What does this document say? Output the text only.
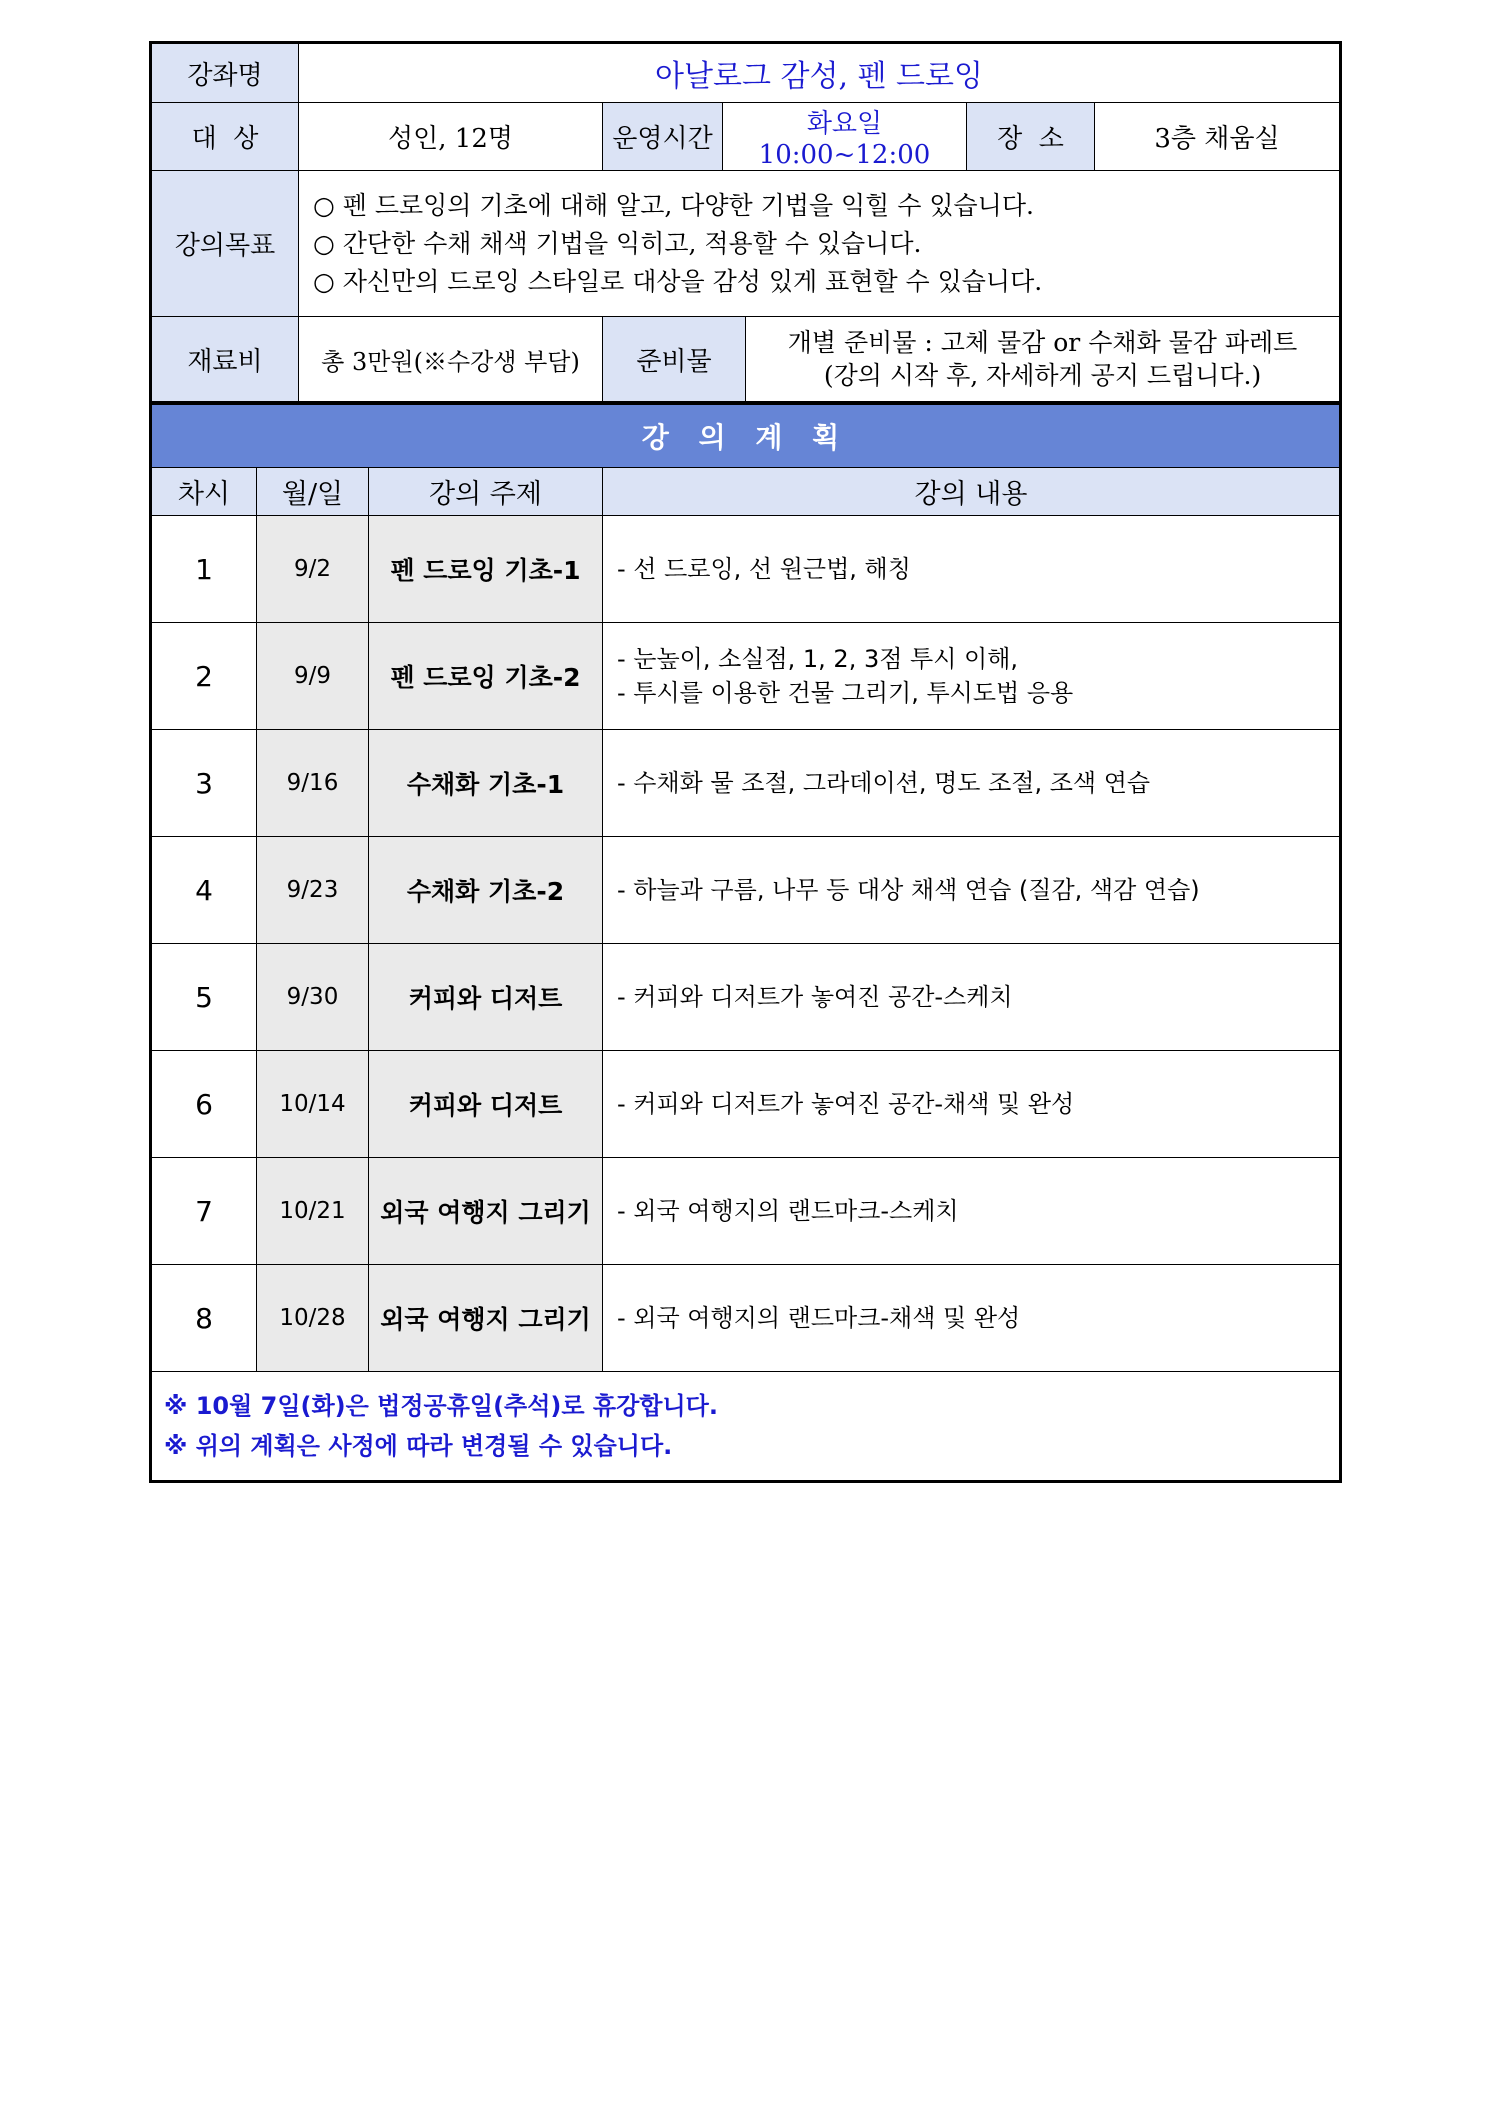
강좌명	아날로그 감성, 펜 드로잉					
대  상	성인, 12명	운영시간	화요일 10:00~12:00		장  소	3층 채움실
강의목표	○ 펜 드로잉의 기초에 대해 알고, 다양한 기법을 익힐 수 있습니다.
○ 간단한 수채 채색 기법을 익히고, 적용할 수 있습니다.
○ 자신만의 드로잉 스타일로 대상을 감성 있게 표현할 수 있습니다.					

재료비	총 3만원(※수강생 부담)	준비물		개별 준비물 : 고체 물감 or 수채화 물감 파레트
(강의 시작 후, 자세하게 공지 드립니다.)		
강 의 계 획			
차시	월/일	강의 주제	강의 내용
1	9/2	펜 드로잉 기초-1	- 선 드로잉, 선 원근법, 해칭

2	9/9	펜 드로잉 기초-2	- 눈높이, 소실점, 1, 2, 3점 투시 이해,
- 투시를 이용한 건물 그리기, 투시도법 응용

3	9/16	수채화 기초-1	- 수채화 물 조절, 그라데이션, 명도 조절, 조색 연습

4	9/23	수채화 기초-2	- 하늘과 구름, 나무 등 대상 채색 연습 (질감, 색감 연습)

5	9/30	커피와 디저트	- 커피와 디저트가 놓여진 공간-스케치

6	10/14	커피와 디저트	- 커피와 디저트가 놓여진 공간-채색 및 완성

7	10/21	외국 여행지 그리기	- 외국 여행지의 랜드마크-스케치

8	10/28	외국 여행지 그리기	- 외국 여행지의 랜드마크-채색 및 완성

※ 10월 7일(화)은 법정공휴일(추석)로 휴강합니다.
※ 위의 계획은 사정에 따라 변경될 수 있습니다.			
